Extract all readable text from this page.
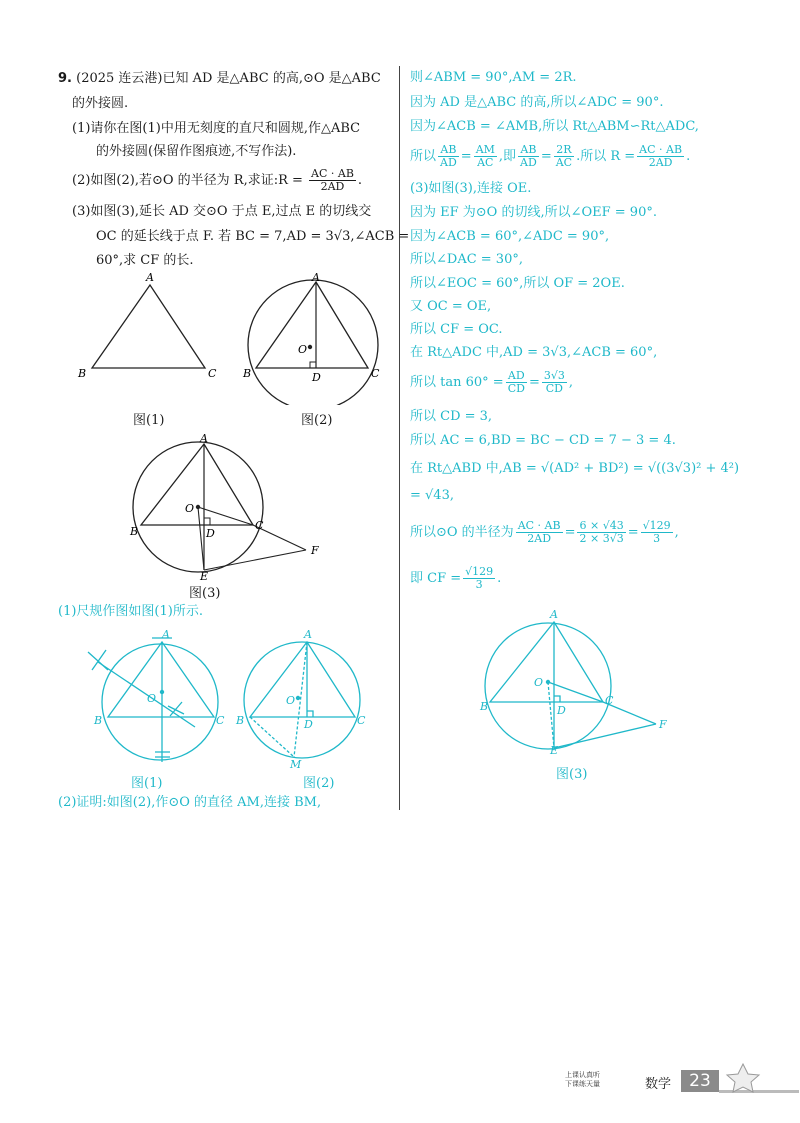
9. (2025 连云港)已知 AD 是△ABC 的高,⊙O 是△ABC
的外接圆.
(1)请你在图(1)中用无刻度的直尺和圆规,作△ABC
的外接圆(保留作图痕迹,不写作法).
(2)如图(2),若⊙O 的半径为 R,求证:R = $\frac{AC \cdot AB}{2AD}$ .
(3)如图(3),延长 AD 交⊙O 于点 E,过点 E 的切线交
OC 的延长线于点 F. 若 BC = 7,AD = 3√3,∠ACB =
60°,求 CF 的长.
A
B	C
图(1)
A
B	C
O
D
图(2)
A
B	C
O
D
E
F
图(3)
(1)尺规作图如图(1)所示.
A
B	C
O
图(1)
A
B	C
O
D
M
图(2)
(2)证明:如图(2),作⊙O 的直径 AM,连接 BM,
则∠ABM = 90°,AM = 2R.
因为 AD 是△ABC 的高,所以∠ADC = 90°.
因为∠ACB = ∠AMB,所以 Rt△ABM∽Rt△ADC,
所以 $\frac{AB}{AD} = \frac{AM}{AC}$ ,即 $\frac{AB}{AD} = \frac{2R}{AC}$ .所以 $R = \frac{AC \cdot AB}{2AD}$ .
(3)如图(3),连接 OE.
因为 EF 为⊙O 的切线,所以∠OEF = 90°.
因为∠ACB = 60°,∠ADC = 90°,
所以∠DAC = 30°,
所以∠EOC = 60°,所以 OF = 2OE.
又 OC = OE,
所以 CF = OC.
在 Rt△ADC 中,AD = 3√3,∠ACB = 60°,
所以 $\tan 60^\circ = \frac{AD}{CD} = \frac{3√3}{CD}$ ,
所以 CD = 3,
所以 AC = 6,BD = BC − CD = 7 − 3 = 4.
在 Rt△ABD 中,AB = √(AD² + BD²) = √((3√3)² + 4²)
= √43,
所以⊙O 的半径为 $\frac{AC \cdot AB}{2AD} = \frac{6 \times √43}{2 \times 3√3} = \frac{√129}{3}$ ,
即 CF = $\frac{√129}{3}$ .
A
B	C
O
D
E
F
图(3)
上课认真听
下课练天量	数学	23
